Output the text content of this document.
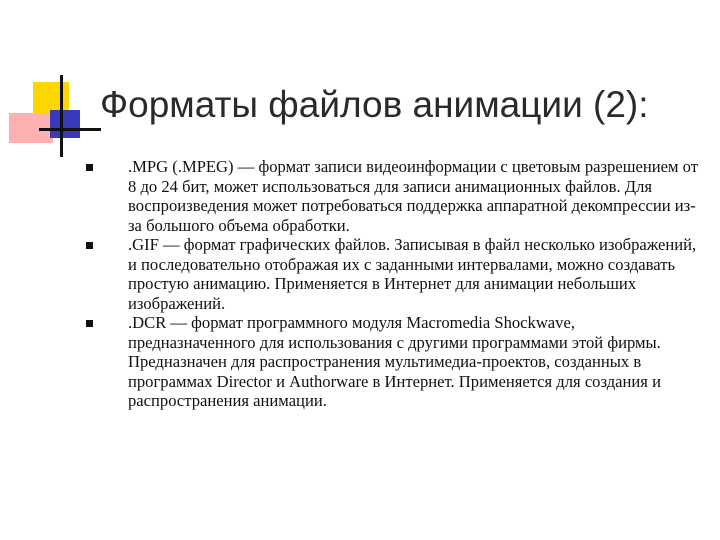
Форматы файлов анимации (2):
.MPG (.MPEG) — формат записи видеоинформации с цветовым разрешением от 8 до 24 бит, может использоваться для записи анимационных файлов. Для воспроизведения может потребоваться поддержка аппаратной декомпрессии из-за большого объема обработки.
.GIF — формат графических файлов. Записывая в файл несколько изображений, и последовательно отображая их с заданными интервалами, можно создавать простую анимацию. Применяется в Интернет для анимации небольших изображений.
.DCR — формат программного модуля Macromedia Shockwave, предназначенного для использования с другими программами этой фирмы. Предназначен для распространения мультимедиа-проектов, созданных в программах Director и Authorware в Интернет. Применяется для создания и распространения анимации.
